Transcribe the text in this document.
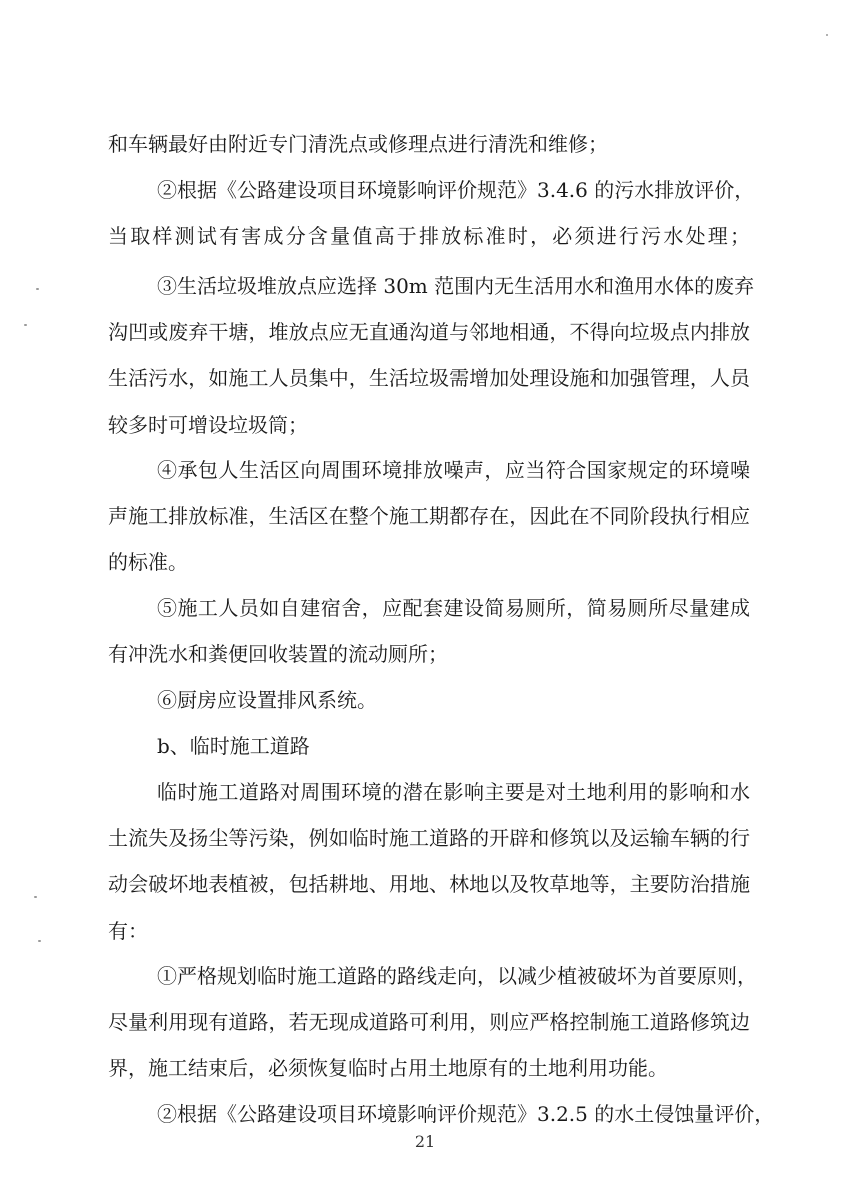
和车辆最好由附近专门清洗点或修理点进行清洗和维修；
②根据《公路建设项目环境影响评价规范》3.4.6 的污水排放评价，
当取样测试有害成分含量值高于排放标准时，必须进行污水处理；
③生活垃圾堆放点应选择 30m 范围内无生活用水和渔用水体的废弃
沟凹或废弃干塘，堆放点应无直通沟道与邻地相通，不得向垃圾点内排放
生活污水，如施工人员集中，生活垃圾需增加处理设施和加强管理，人员
较多时可增设垃圾筒；
④承包人生活区向周围环境排放噪声，应当符合国家规定的环境噪
声施工排放标准，生活区在整个施工期都存在，因此在不同阶段执行相应
的标准。
⑤施工人员如自建宿舍，应配套建设简易厕所，简易厕所尽量建成
有冲洗水和粪便回收装置的流动厕所；
⑥厨房应设置排风系统。
b、临时施工道路
临时施工道路对周围环境的潜在影响主要是对土地利用的影响和水
土流失及扬尘等污染，例如临时施工道路的开辟和修筑以及运输车辆的行
动会破坏地表植被，包括耕地、用地、林地以及牧草地等，主要防治措施
有：
①严格规划临时施工道路的路线走向，以减少植被破坏为首要原则，
尽量利用现有道路，若无现成道路可利用，则应严格控制施工道路修筑边
界，施工结束后，必须恢复临时占用土地原有的土地利用功能。
②根据《公路建设项目环境影响评价规范》3.2.5 的水土侵蚀量评价，
21
